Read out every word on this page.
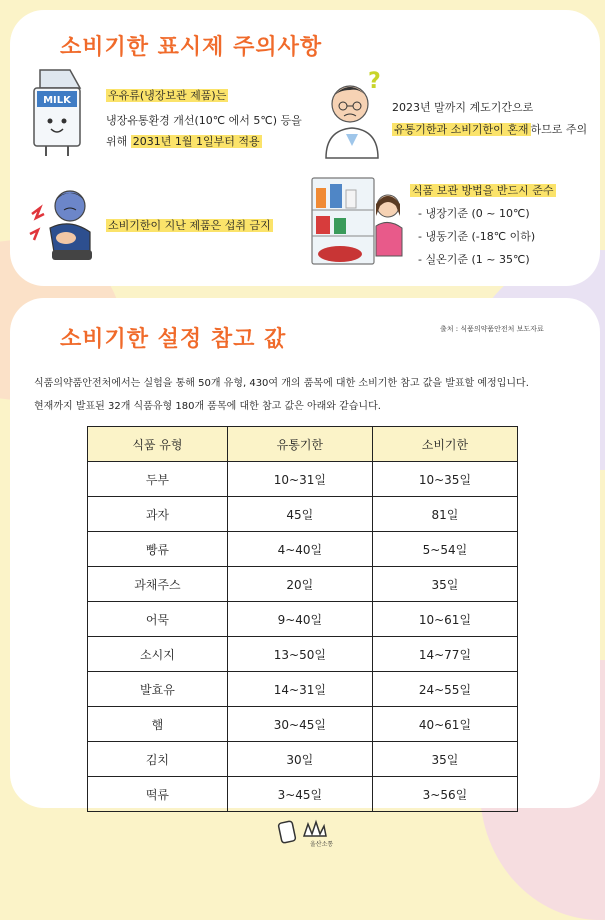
소비기한 표시제 주의사항
MILK	우유류(냉장보관 제품)는
냉장유통환경 개선(10℃ 에서 5℃) 등을
위해 2031년 1월 1일부터 적용
?
2023년 말까지 계도기간으로
유통기한과 소비기한이 혼재 하므로 주의
소비기한이 지난 제품은 섭취 금지
식품 보관 방법을 반드시 준수
- 냉장기준 (0 ~ 10℃)
- 냉동기준 (-18℃ 이하)
- 실온기준 (1 ~ 35℃)
소비기한 설정 참고 값	출처 : 식품의약품안전처 보도자료
식품의약품안전처에서는 실험을 통해 50개 유형, 430여 개의 품목에 대한 소비기한 참고 값을 발표할 예정입니다.
현재까지 발표된 32개 식품유형 180개 품목에 대한 참고 값은 아래와 같습니다.
식품 유형	유통기한	소비기한
두부	10~31일	10~35일
과자	45일	81일
빵류	4~40일	5~54일
과채주스	20일	35일
어묵	9~40일	10~61일
소시지	13~50일	14~77일
발효유	14~31일	24~55일
햄	30~45일	40~61일
김치	30일	35일
떡류	3~45일	3~56일
울산소통
